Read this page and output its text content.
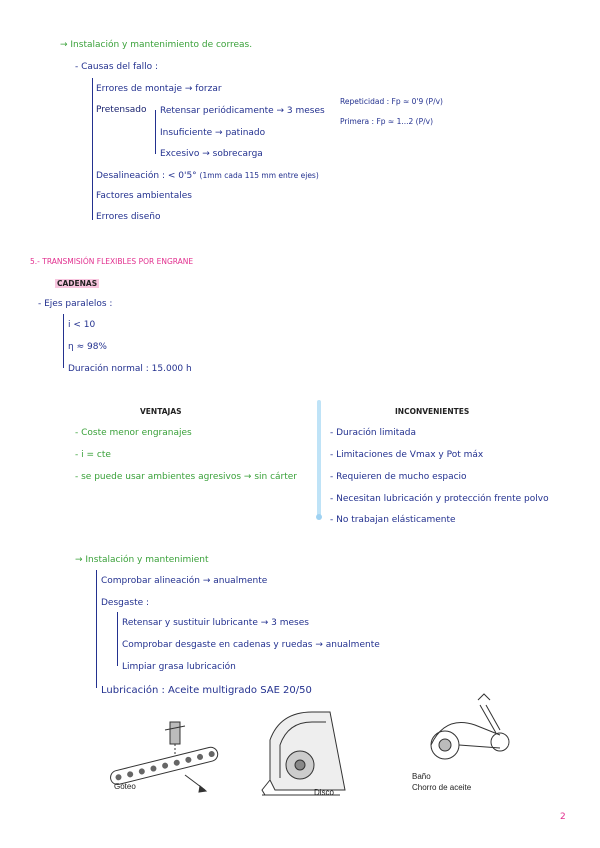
→ Instalación y mantenimiento de correas.
- Causas del fallo :
Errores de montaje → forzar
Pretensado Retensar periódicamente → 3 meses
Repeticidad : Fp ≈ 0'9 (P/v)
Primera : Fp ≈ 1...2 (P/v)
Insuficiente → patinado
Excesivo → sobrecarga
Desalineación : < 0'5° (1mm cada 115 mm entre ejes)
Factores ambientales
Errores diseño
5.- TRANSMISIÓN FLEXIBLES POR ENGRANE
CADENAS
- Ejes paralelos :
i < 10
η ≈ 98%
Duración normal : 15.000 h
VENTAJAS
- Coste menor engranajes
- i = cte
- se puede usar ambientes agresivos → sin cárter
INCONVENIENTES
- Duración limitada
- Limitaciones de Vmax y Pot máx
- Requieren de mucho espacio
- Necesitan lubricación y protección frente polvo
- No trabajan elásticamente
→ Instalación y mantenimient
Comprobar alineación → anualmente
Desgaste :
Retensar y sustituir lubricante → 3 meses
Comprobar desgaste en cadenas y ruedas → anualmente
Limpiar grasa lubricación
Lubricación : Aceite multigrado SAE 20/50
Goteo
Disco
Baño
Chorro de aceite
2
